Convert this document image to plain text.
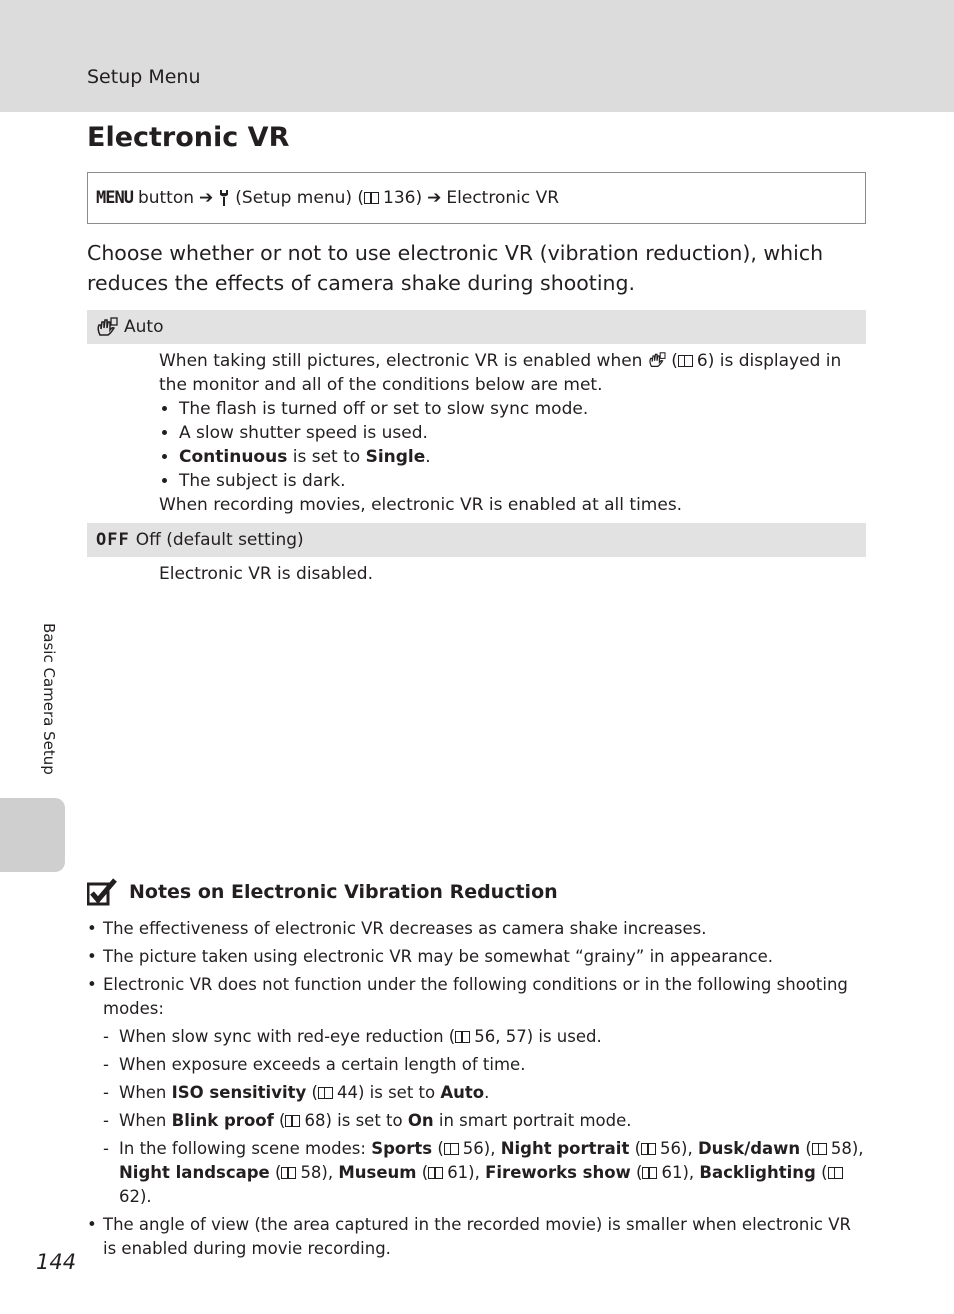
Setup Menu
Electronic VR
MENU button ➔ (Setup menu) ( 136) ➔ Electronic VR

Choose whether or not to use electronic VR (vibration reduction), which reduces the effects of camera shake during shooting.

Auto

When taking still pictures, electronic VR is enabled when  ( 6) is displayed in the monitor and all of the conditions below are met.

• The flash is turned off or set to slow sync mode.
• A slow shutter speed is used.
• Continuous is set to Single.
• The subject is dark.

When recording movies, electronic VR is enabled at all times.

OFF Off (default setting)

Electronic VR is disabled.

Basic Camera Setup
Notes on Electronic Vibration Reduction
• The effectiveness of electronic VR decreases as camera shake increases.
• The picture taken using electronic VR may be somewhat “grainy” in appearance.
• Electronic VR does not function under the following conditions or in the following shooting modes:
- When slow sync with red-eye reduction ( 56, 57) is used.
- When exposure exceeds a certain length of time.
- When ISO sensitivity ( 44) is set to Auto.
- When Blink proof ( 68) is set to On in smart portrait mode.
- In the following scene modes: Sports ( 56), Night portrait ( 56), Dusk/dawn ( 58), Night landscape ( 58), Museum ( 61), Fireworks show ( 61), Backlighting (62).
• The angle of view (the area captured in the recorded movie) is smaller when electronic VR is enabled during movie recording.
144
